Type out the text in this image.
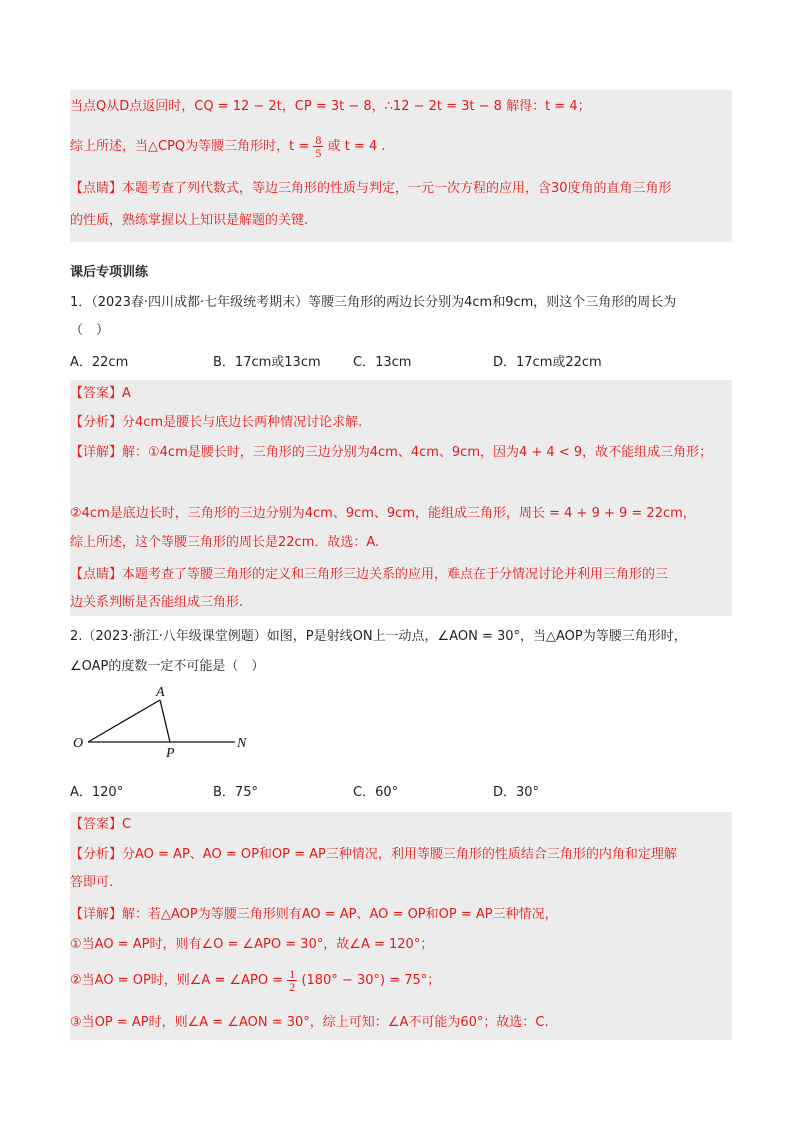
当点Q从D点返回时，CQ = 12 − 2t，CP = 3t − 8，∴12 − 2t = 3t − 8 解得：t = 4；
综上所述，当△CPQ为等腰三角形时，$t = \frac{8}{5}$ 或 t = 4 .
【点睛】本题考查了列代数式，等边三角形的性质与判定，一元一次方程的应用，含30度角的直角三角形
的性质，熟练掌握以上知识是解题的关键.
课后专项训练
1．（2023春·四川成都·七年级统考期末）等腰三角形的两边长分别为4cm和9cm，则这个三角形的周长为
（　）
A．22cm	B．17cm或13cm C．13cm	D．17cm或22cm
【答案】A
【分析】分4cm是腰长与底边长两种情况讨论求解.
【详解】解：①4cm是腰长时，三角形的三边分别为4cm、4cm、9cm，因为4 + 4 < 9，故不能组成三角形；
②4cm是底边长时，三角形的三边分别为4cm、9cm、9cm，能组成三角形，周长 = 4 + 9 + 9 = 22cm，
综上所述，这个等腰三角形的周长是22cm．故选：A.
【点睛】本题考查了等腰三角形的定义和三角形三边关系的应用，难点在于分情况讨论并利用三角形的三
边关系判断是否能组成三角形.
2.（2023·浙江·八年级课堂例题）如图，P是射线ON上一动点，∠AON = 30°，当△AOP为等腰三角形时，
∠OAP的度数一定不可能是（　）
A
O
P
N
A．120°	B．75°	C．60°	D．30°
【答案】C
【分析】分AO = AP、AO = OP和OP = AP三种情况，利用等腰三角形的性质结合三角形的内角和定理解
答即可.
【详解】解：若△AOP为等腰三角形则有AO = AP、AO = OP和OP = AP三种情况，
①当AO = AP时，则有∠O = ∠APO = 30°，故∠A = 120°；
②当AO = OP时，则∠A = ∠APO = $\frac{1}{2} (180^\circ - 30^\circ) = 75^\circ$；
③当OP = AP时，则∠A = ∠AON = 30°，综上可知：∠A不可能为60°；故选：C.
